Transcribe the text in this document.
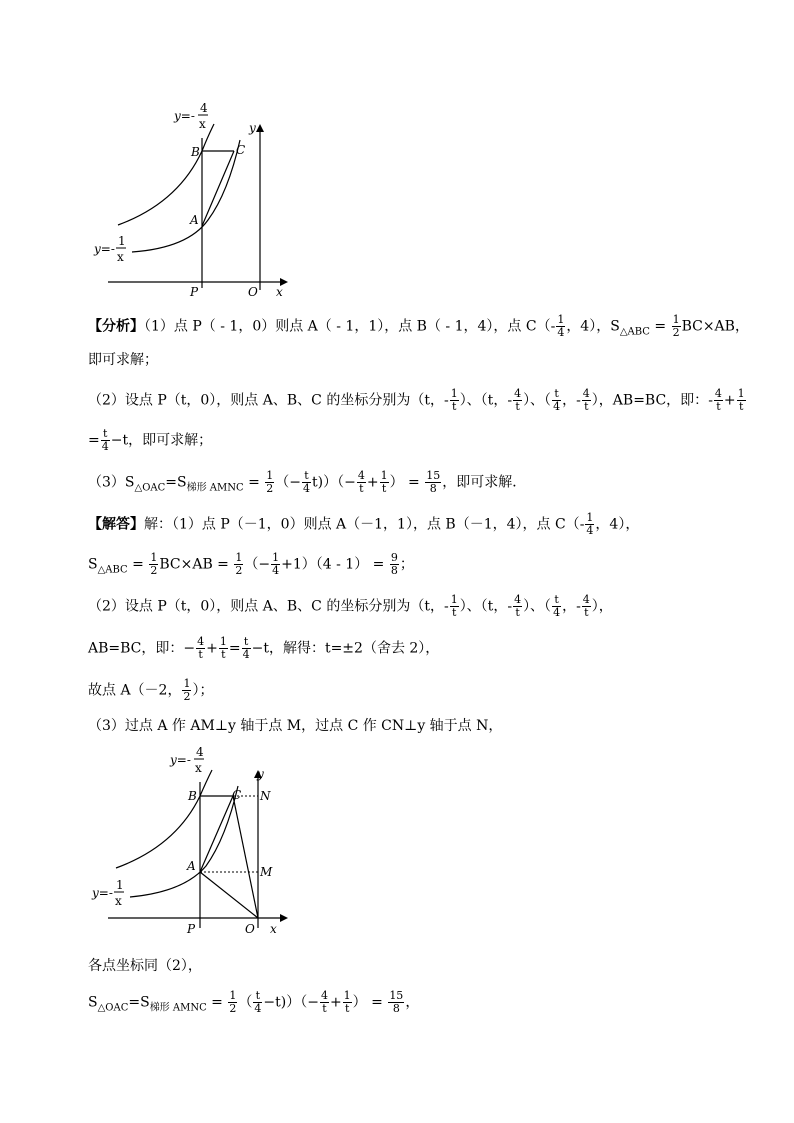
y=-
4
x
y=-
1
x
B	C
A
P	O x
y
【分析】（1）点 P（ - 1，0）则点 A（ - 1，1），点 B（ - 1，4），点 $C(- \frac{1}{4}$ ，4），$S_{\triangle ABC} = \frac{1}{2} BC\times AB$，
即可求解；
（2）设点 P（t，0），则点 A、B、C 的坐标分别为（t，- $\frac{1}{t}$ ）、（t，- $\frac{4}{t}$ ）、（ $\frac{t}{4}$ ，- $\frac{4}{t}$ ），AB=BC，即：- $\frac{4}{t} + \frac{1}{t}$
= $\frac{t}{4} -t$，即可求解；
$(3)S_{\triangle OAC}=S_{梯形 AMNC} = \frac{1}{2}$ （− $\frac{t}{4} t))(- \frac{4}{t} + \frac{1}{t}$ ） = $\frac{15}{8}$ ，即可求解．
【解答】解：（1）点 P（－1，0）则点 A（－1，1），点 B（－1，4），点 $C(- \frac{1}{4}$ ，4），
$S_{\triangle ABC} = \frac{1}{2} BC\times AB = \frac{1}{2}$ （− $\frac{1}{4} +1)(4 - 1) = \frac{9}{8}$ ；
（2）设点 P（t，0），则点 A、B、C 的坐标分别为（t，- $\frac{1}{t}$ ）、（t，- $\frac{4}{t}$ ）、（ $\frac{t}{4}$ ，- $\frac{4}{t}$ ），
AB=BC，即：− $\frac{4}{t} + \frac{1}{t} = \frac{t}{4} -t$，解得：t=±2（舍去 2），
故点 A（－2， $\frac{1}{2}$ ）；
（3）过点 A 作 AM⊥y 轴于点 M，过点 C 作 CN⊥y 轴于点 N，
y=-
4
x
y=-
1
x
B	C N
A	M
P	O x
y
各点坐标同（2），
$S_{\triangle OAC}=S_{梯形 AMNC} = \frac{1}{2}$ （ $\frac{t}{4} -t))(- \frac{4}{t} + \frac{1}{t}$ ） = $\frac{15}{8}$ ，
